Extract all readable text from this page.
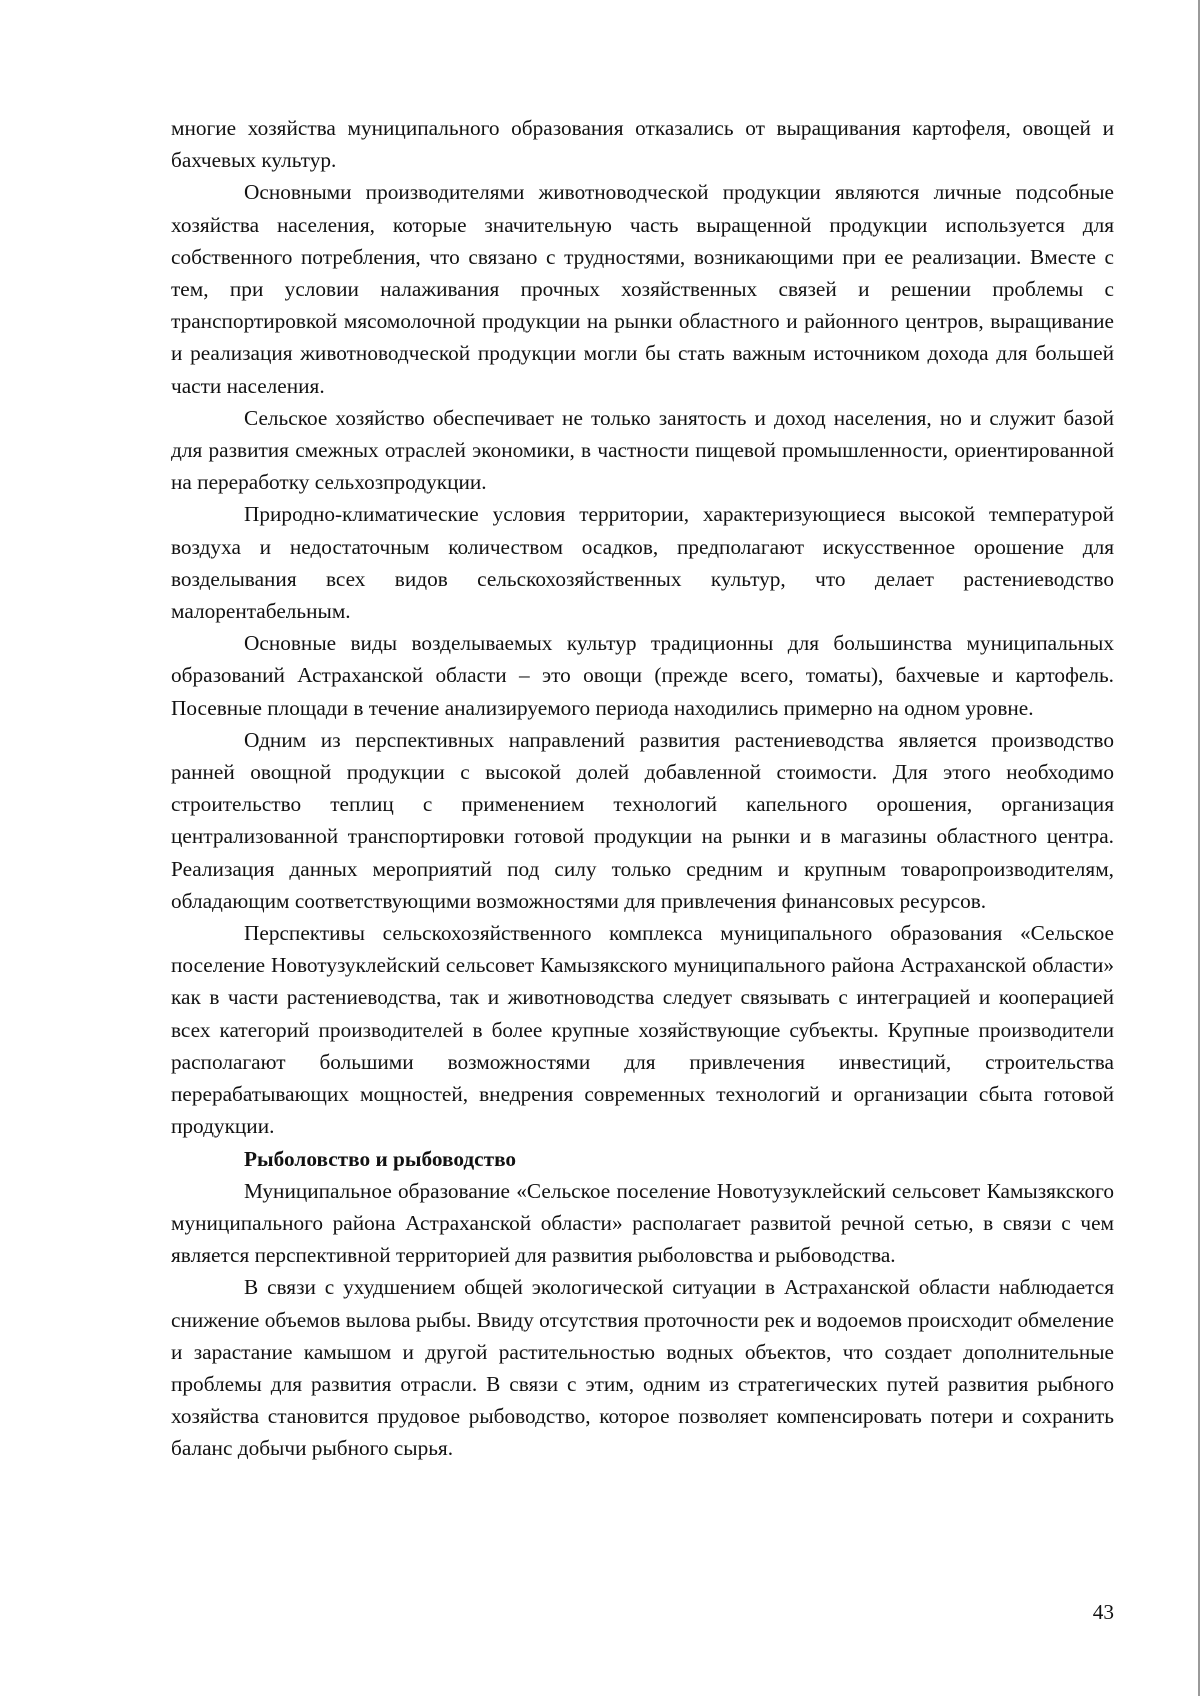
многие хозяйства муниципального образования отказались от выращивания картофеля, овощей и бахчевых культур.

Основными производителями животноводческой продукции являются личные подсобные хозяйства населения, которые значительную часть выращенной продукции используется для собственного потребления, что связано с трудностями, возникающими при ее реализации. Вместе с тем, при условии налаживания прочных хозяйственных связей и решении проблемы с транспортировкой мясомолочной продукции на рынки областного и районного центров, выращивание и реализация животноводческой продукции могли бы стать важным источником дохода для большей части населения.

Сельское хозяйство обеспечивает не только занятость и доход населения, но и служит базой для развития смежных отраслей экономики, в частности пищевой промышленности, ориентированной на переработку сельхозпродукции.

Природно-климатические условия территории, характеризующиеся высокой температурой воздуха и недостаточным количеством осадков, предполагают искусственное орошение для возделывания всех видов сельскохозяйственных культур, что делает растениеводство малорентабельным.

Основные виды возделываемых культур традиционны для большинства муниципальных образований Астраханской области – это овощи (прежде всего, томаты), бахчевые и картофель. Посевные площади в течение анализируемого периода находились примерно на одном уровне.

Одним из перспективных направлений развития растениеводства является производство ранней овощной продукции с высокой долей добавленной стоимости. Для этого необходимо строительство теплиц с применением технологий капельного орошения, организация централизованной транспортировки готовой продукции на рынки и в магазины областного центра. Реализация данных мероприятий под силу только средним и крупным товаропроизводителям, обладающим соответствующими возможностями для привлечения финансовых ресурсов.

Перспективы сельскохозяйственного комплекса муниципального образования «Сельское поселение Новотузуклейский сельсовет Камызякского муниципального района Астраханской области» как в части растениеводства, так и животноводства следует связывать с интеграцией и кооперацией всех категорий производителей в более крупные хозяйствующие субъекты. Крупные производители располагают большими возможностями для привлечения инвестиций, строительства перерабатывающих мощностей, внедрения современных технологий и организации сбыта готовой продукции.

Рыболовство и рыбоводство

Муниципальное образование «Сельское поселение Новотузуклейский сельсовет Камызякского муниципального района Астраханской области» располагает развитой речной сетью, в связи с чем является перспективной территорией для развития рыболовства и рыбоводства.

В связи с ухудшением общей экологической ситуации в Астраханской области наблюдается снижение объемов вылова рыбы. Ввиду отсутствия проточности рек и водоемов происходит обмеление и зарастание камышом и другой растительностью водных объектов, что создает дополнительные проблемы для развития отрасли. В связи с этим, одним из стратегических путей развития рыбного хозяйства становится прудовое рыбоводство, которое позволяет компенсировать потери и сохранить баланс добычи рыбного сырья.

43
